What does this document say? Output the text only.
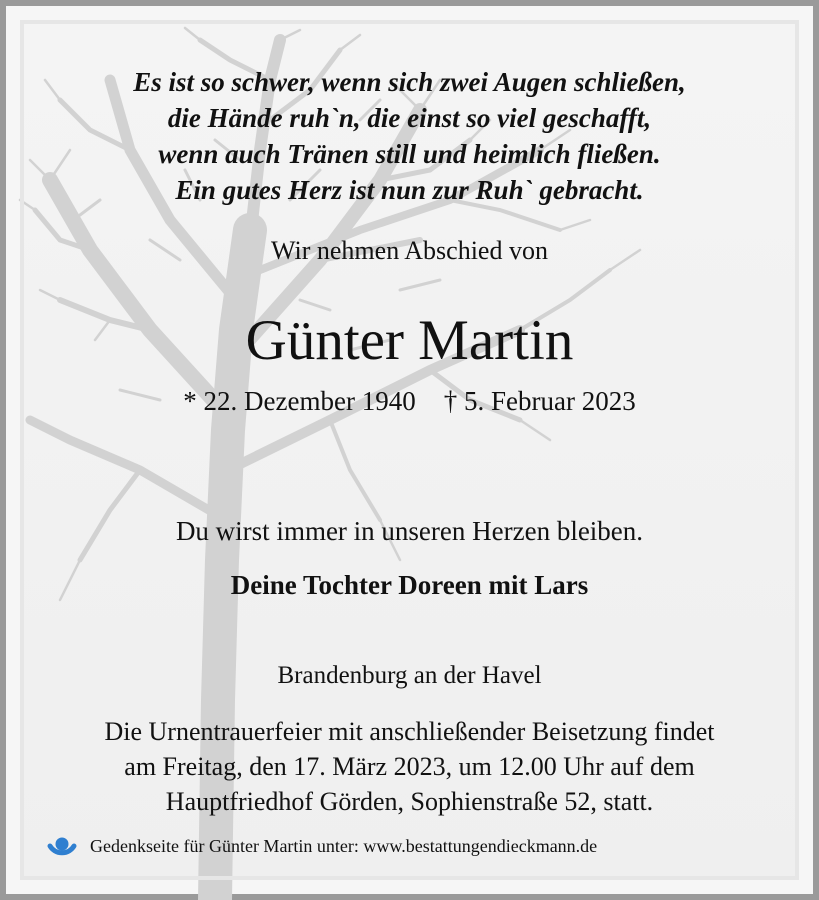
Es ist so schwer, wenn sich zwei Augen schließen,
die Hände ruh`n, die einst so viel geschafft,
wenn auch Tränen still und heimlich fließen.
Ein gutes Herz ist nun zur Ruh` gebracht.
Wir nehmen Abschied von
Günter Martin
* 22. Dezember 1940 † 5. Februar 2023
Du wirst immer in unseren Herzen bleiben.
Deine Tochter Doreen mit Lars
Brandenburg an der Havel
Die Urnentrauerfeier mit anschließender Beisetzung findet
am Freitag, den 17. März 2023, um 12.00 Uhr auf dem
Hauptfriedhof Görden, Sophienstraße 52, statt.
Gedenkseite für Günter Martin unter: www.bestattungendieckmann.de
